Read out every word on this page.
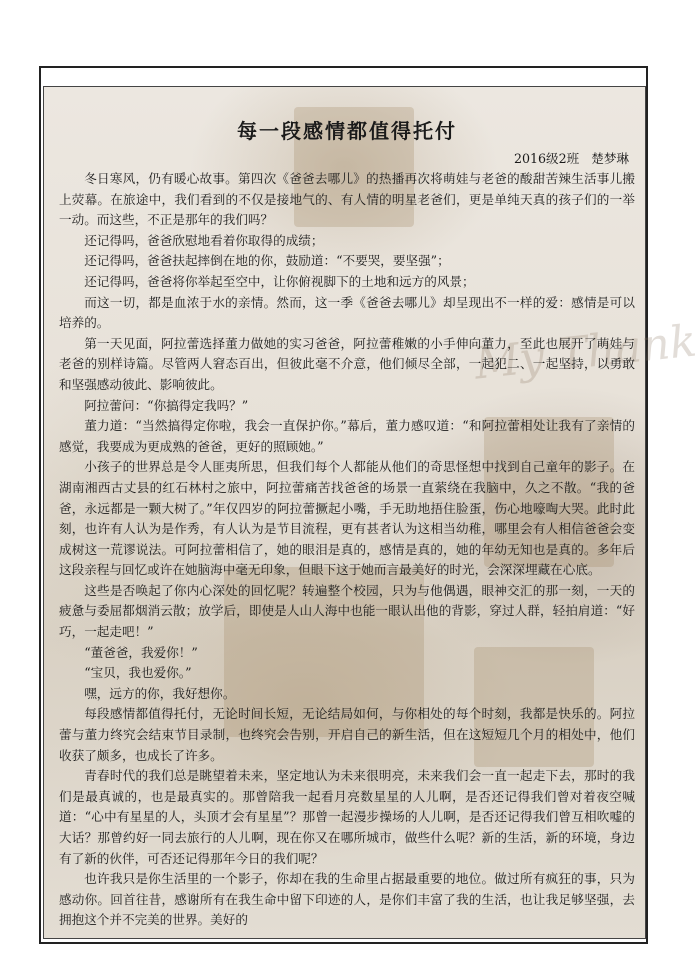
My Thank
每一段感情都值得托付
2016级2班 楚梦琳

冬日寒风，仍有暖心故事。第四次《爸爸去哪儿》的热播再次将萌娃与老爸的酸甜苦辣生活事儿搬上荧幕。在旅途中，我们看到的不仅是接地气的、有人情的明星老爸们，更是单纯天真的孩子们的一举一动。而这些，不正是那年的我们吗？

还记得吗，爸爸欣慰地看着你取得的成绩；

还记得吗，爸爸扶起摔倒在地的你，鼓励道：“不要哭，要坚强”；

还记得吗，爸爸将你举起至空中，让你俯视脚下的土地和远方的风景；

而这一切，都是血浓于水的亲情。然而，这一季《爸爸去哪儿》却呈现出不一样的爱：感情是可以培养的。

第一天见面，阿拉蕾选择董力做她的实习爸爸，阿拉蕾稚嫩的小手伸向董力，至此也展开了萌娃与老爸的别样诗篇。尽管两人窘态百出，但彼此毫不介意，他们倾尽全部，一起犯二、一起坚持，以勇敢和坚强感动彼此、影响彼此。

阿拉蕾问：“你搞得定我吗？”

董力道：“当然搞得定你啦，我会一直保护你。”幕后，董力感叹道：“和阿拉蕾相处让我有了亲情的感觉，我要成为更成熟的爸爸，更好的照顾她。”

小孩子的世界总是令人匪夷所思，但我们每个人都能从他们的奇思怪想中找到自己童年的影子。在湖南湘西古丈县的红石林村之旅中，阿拉蕾痛苦找爸爸的场景一直萦绕在我脑中，久之不散。“我的爸爸，永远都是一颗大树了。”年仅四岁的阿拉蕾撅起小嘴，手无助地捂住脸蛋，伤心地嚎啕大哭。此时此刻，也许有人认为是作秀，有人认为是节目流程，更有甚者认为这相当幼稚，哪里会有人相信爸爸会变成树这一荒谬说法。可阿拉蕾相信了，她的眼泪是真的，感情是真的，她的年幼无知也是真的。多年后这段亲程与回忆或许在她脑海中毫无印象，但眼下这于她而言最美好的时光，会深深埋藏在心底。

这些是否唤起了你内心深处的回忆呢？转遍整个校园，只为与他偶遇，眼神交汇的那一刻，一天的疲惫与委屈都烟消云散；放学后，即使是人山人海中也能一眼认出他的背影，穿过人群，轻拍肩道：“好巧，一起走吧！”

“董爸爸，我爱你！”

“宝贝，我也爱你。”

嘿，远方的你，我好想你。

每段感情都值得托付，无论时间长短，无论结局如何，与你相处的每个时刻，我都是快乐的。阿拉蕾与董力终究会结束节目录制，也终究会告别，开启自己的新生活，但在这短短几个月的相处中，他们收获了颇多，也成长了许多。

青春时代的我们总是眺望着未来，坚定地认为未来很明亮，未来我们会一直一起走下去，那时的我们是最真诚的，也是最真实的。那曾陪我一起看月亮数星星的人儿啊，是否还记得我们曾对着夜空喊道：“心中有星星的人，头顶才会有星星”？那曾一起漫步操场的人儿啊，是否还记得我们曾互相吹嘘的大话？那曾约好一同去旅行的人儿啊，现在你又在哪所城市，做些什么呢？新的生活，新的环境，身边有了新的伙伴，可否还记得那年今日的我们呢？

也许我只是你生活里的一个影子，你却在我的生命里占据最重要的地位。做过所有疯狂的事，只为感动你。回首往昔，感谢所有在我生命中留下印迹的人，是你们丰富了我的生活，也让我足够坚强，去拥抱这个并不完美的世界。美好的
